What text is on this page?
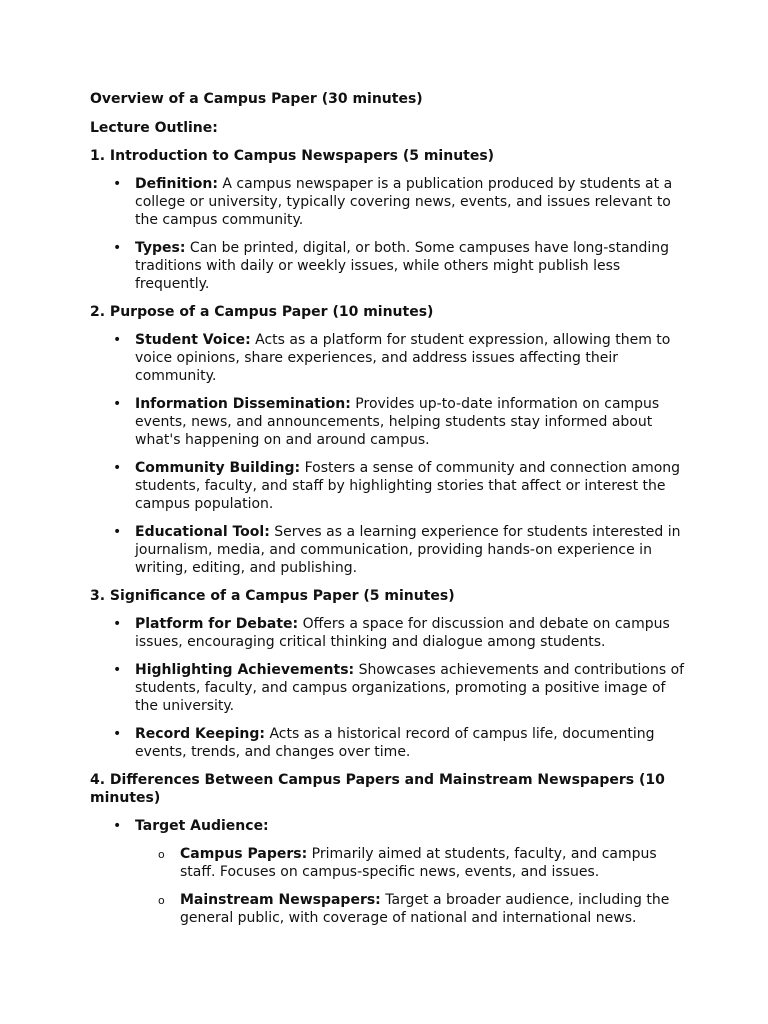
Overview of a Campus Paper (30 minutes)

Lecture Outline:

1. Introduction to Campus Newspapers (5 minutes)

• Definition: A campus newspaper is a publication produced by students at a college or university, typically covering news, events, and issues relevant to the campus community.
• Types: Can be printed, digital, or both. Some campuses have long-standing traditions with daily or weekly issues, while others might publish less frequently.

2. Purpose of a Campus Paper (10 minutes)

• Student Voice: Acts as a platform for student expression, allowing them to voice opinions, share experiences, and address issues affecting their community.
• Information Dissemination: Provides up-to-date information on campus events, news, and announcements, helping students stay informed about what's happening on and around campus.
• Community Building: Fosters a sense of community and connection among students, faculty, and staff by highlighting stories that affect or interest the campus population.
• Educational Tool: Serves as a learning experience for students interested in journalism, media, and communication, providing hands-on experience in writing, editing, and publishing.

3. Significance of a Campus Paper (5 minutes)

• Platform for Debate: Offers a space for discussion and debate on campus issues, encouraging critical thinking and dialogue among students.
• Highlighting Achievements: Showcases achievements and contributions of students, faculty, and campus organizations, promoting a positive image of the university.
• Record Keeping: Acts as a historical record of campus life, documenting events, trends, and changes over time.

4. Differences Between Campus Papers and Mainstream Newspapers (10 minutes)

• Target Audience:
o Campus Papers: Primarily aimed at students, faculty, and campus staff. Focuses on campus-specific news, events, and issues.
o Mainstream Newspapers: Target a broader audience, including the general public, with coverage of national and international news.
